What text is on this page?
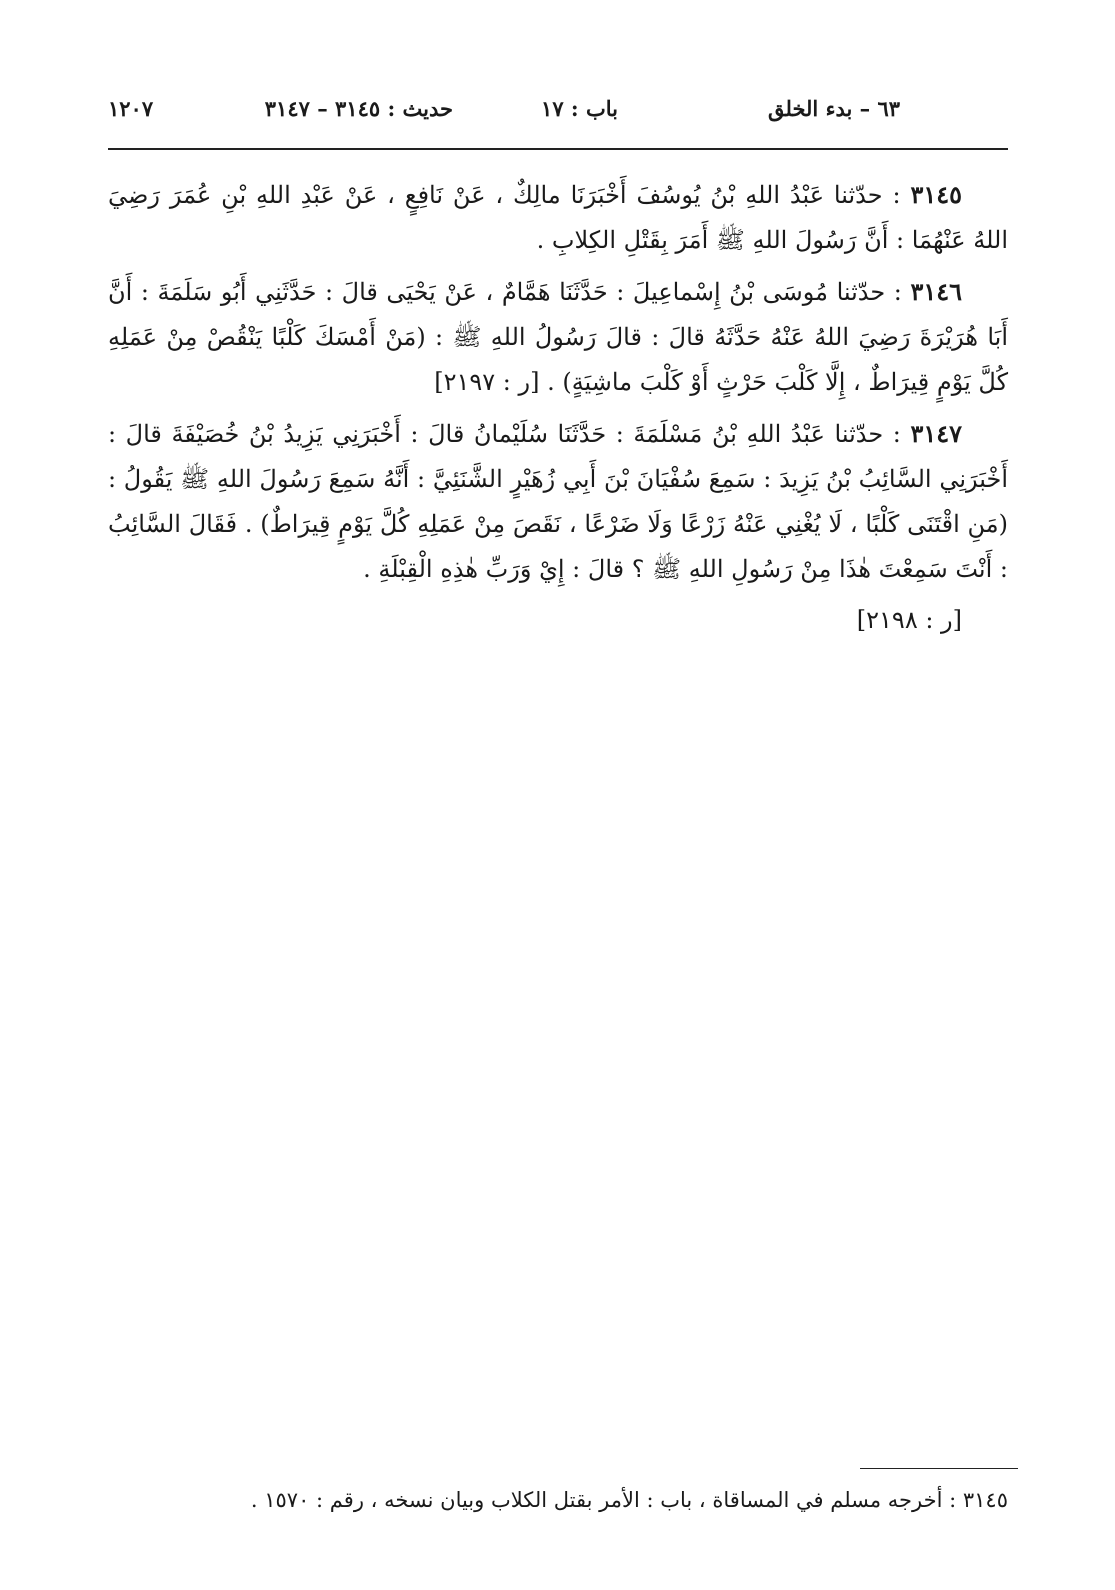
٦٣ – بدء الخلق
باب : ١٧
حديث : ٣١٤٥ – ٣١٤٧
١٢٠٧

٣١٤٥ : حدّثنا عَبْدُ اللهِ بْنُ يُوسُفَ أَخْبَرَنَا مالِكٌ ، عَنْ نَافِعٍ ، عَنْ عَبْدِ اللهِ بْنِ عُمَرَ رَضِيَ اللهُ عَنْهُمَا : أَنَّ رَسُولَ اللهِ ﷺ أَمَرَ بِقَتْلِ الكِلابِ .

٣١٤٦ : حدّثنا مُوسَى بْنُ إِسْماعِيلَ : حَدَّثَنَا هَمَّامٌ ، عَنْ يَحْيَى قالَ : حَدَّثَنِي أَبُو سَلَمَةَ : أَنَّ أَبَا هُرَيْرَةَ رَضِيَ اللهُ عَنْهُ حَدَّثَهُ قالَ : قالَ رَسُولُ اللهِ ﷺ : (مَنْ أَمْسَكَ كَلْبًا يَنْقُصْ مِنْ عَمَلِهِ كُلَّ يَوْمٍ قِيرَاطٌ ، إِلَّا كَلْبَ حَرْثٍ أَوْ كَلْبَ ماشِيَةٍ) . [ر : ٢١٩٧]

٣١٤٧ : حدّثنا عَبْدُ اللهِ بْنُ مَسْلَمَةَ : حَدَّثَنَا سُلَيْمانُ قالَ : أَخْبَرَنِي يَزِيدُ بْنُ خُصَيْفَةَ قالَ : أَخْبَرَنِي السَّائِبُ بْنُ يَزِيدَ : سَمِعَ سُفْيَانَ بْنَ أَبِي زُهَيْرٍ الشَّنَئِيَّ : أَنَّهُ سَمِعَ رَسُولَ اللهِ ﷺ يَقُولُ : (مَنِ اقْتَنَى كَلْبًا ، لَا يُغْنِي عَنْهُ زَرْعًا وَلَا ضَرْعًا ، نَقَصَ مِنْ عَمَلِهِ كُلَّ يَوْمٍ قِيرَاطٌ) . فَقَالَ السَّائِبُ : أَنْتَ سَمِعْتَ هٰذَا مِنْ رَسُولِ اللهِ ﷺ ؟ قالَ : إِيْ وَرَبِّ هٰذِهِ الْقِبْلَةِ .

[ر : ٢١٩٨]

٣١٤٥ : أخرجه مسلم في المساقاة ، باب : الأمر بقتل الكلاب وبيان نسخه ، رقم : ١٥٧٠ .
